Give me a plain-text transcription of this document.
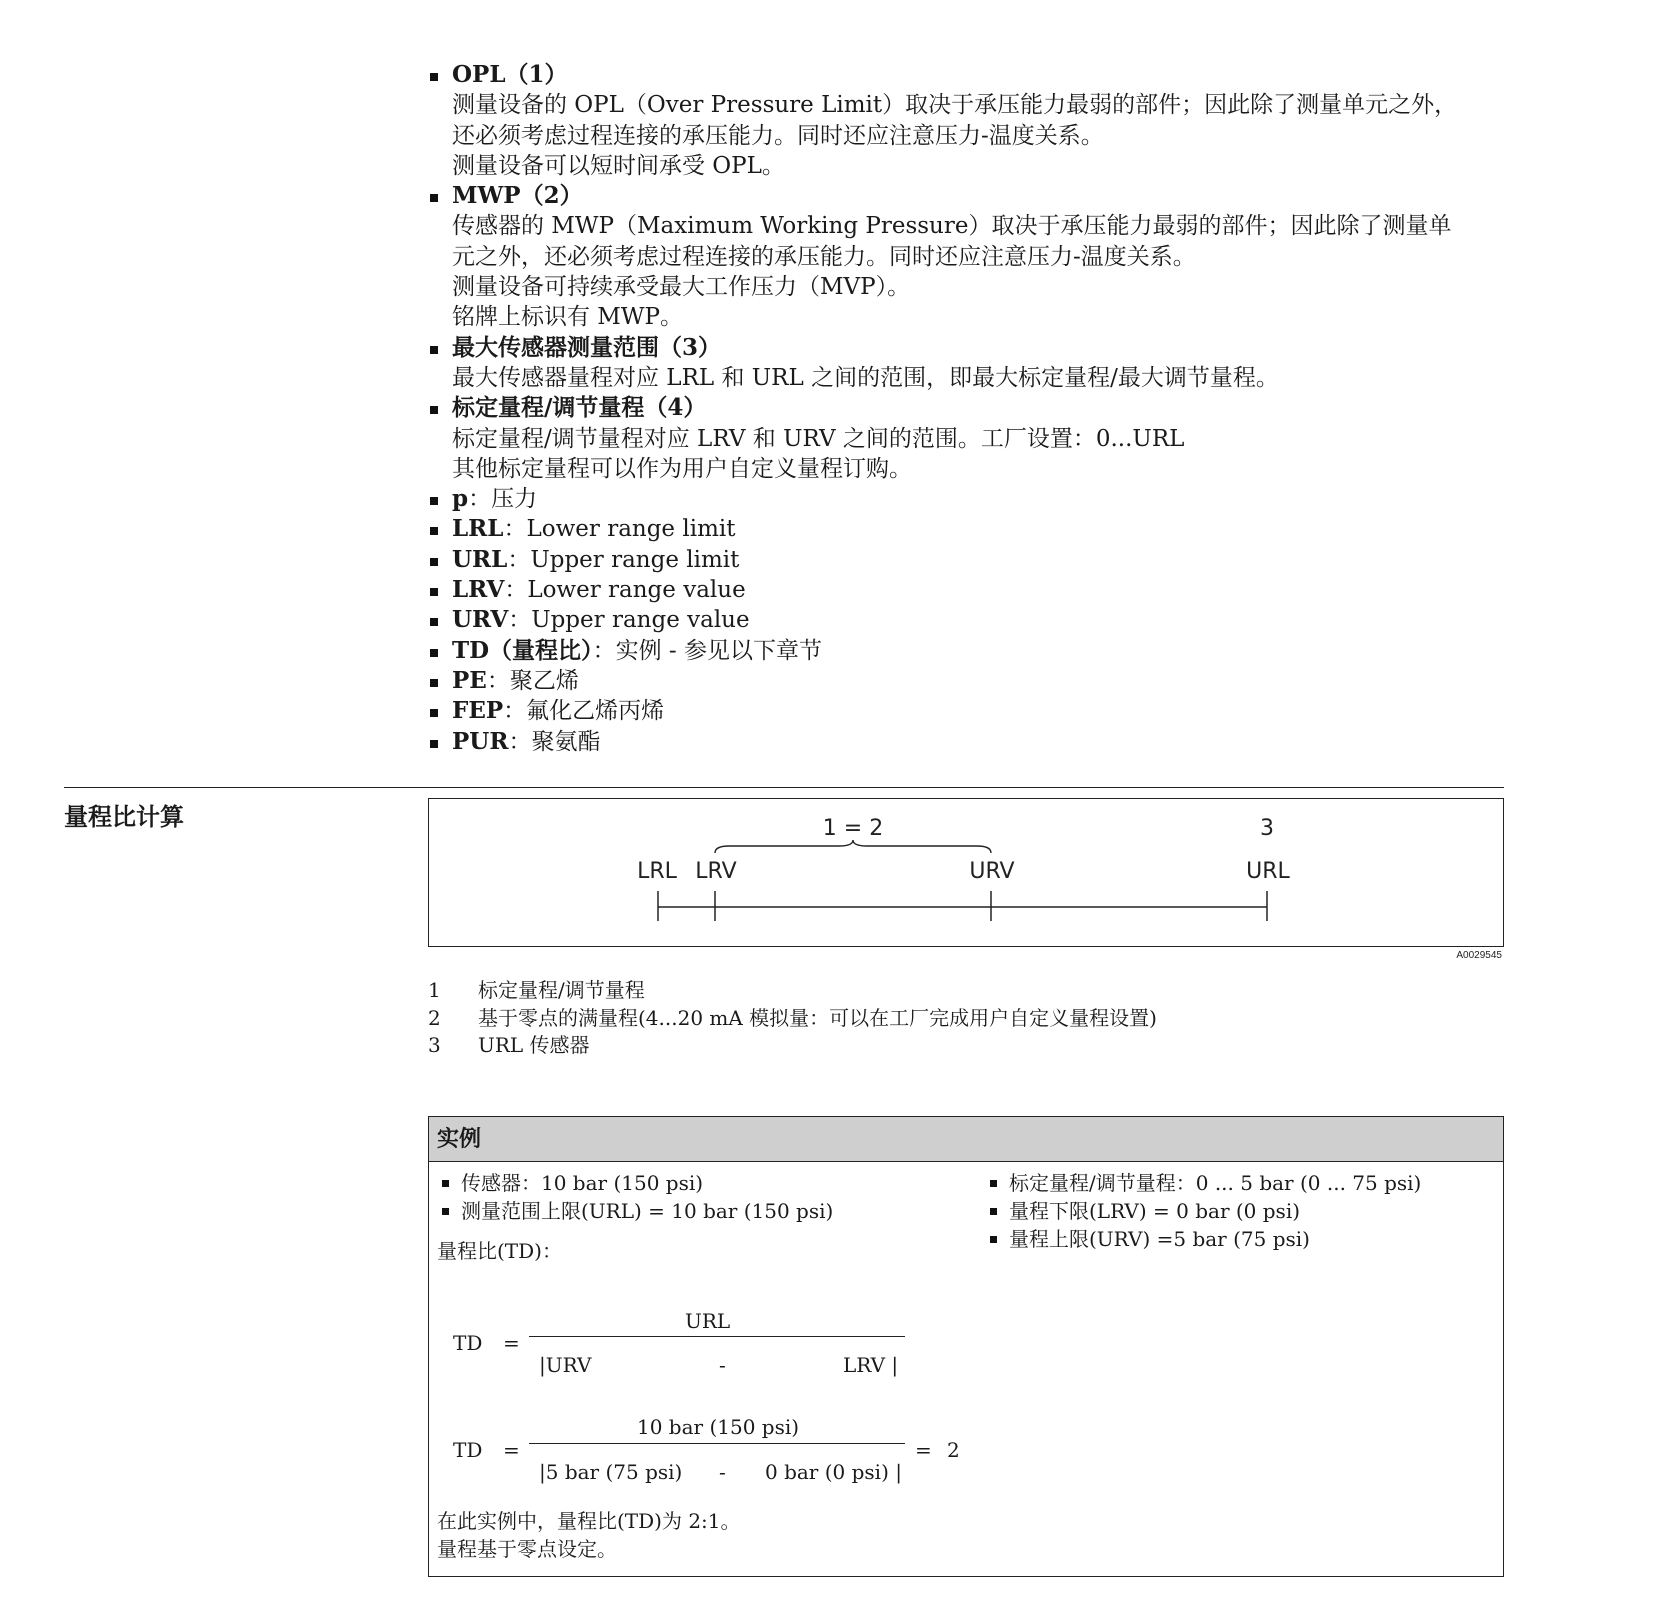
OPL（1）
测量设备的 OPL（Over Pressure Limit）取决于承压能力最弱的部件；因此除了测量单元之外，
还必须考虑过程连接的承压能力。同时还应注意压力-温度关系。
测量设备可以短时间承受 OPL。
MWP（2）
传感器的 MWP（Maximum Working Pressure）取决于承压能力最弱的部件；因此除了测量单
元之外，还必须考虑过程连接的承压能力。同时还应注意压力-温度关系。
测量设备可持续承受最大工作压力（MVP）。
铭牌上标识有 MWP。
最大传感器测量范围（3）
最大传感器量程对应 LRL 和 URL 之间的范围，即最大标定量程/最大调节量程。
标定量程/调节量程（4）
标定量程/调节量程对应 LRV 和 URV 之间的范围。工厂设置：0...URL
其他标定量程可以作为用户自定义量程订购。
p：压力
LRL：Lower range limit
URL：Upper range limit
LRV：Lower range value
URV：Upper range value
TD（量程比）：实例 - 参见以下章节
PE：聚乙烯
FEP：氟化乙烯丙烯
PUR：聚氨酯
量程比计算
LRL LRV	URV	URL
1 = 2	3
A0029545
1	标定量程/调节量程
2	基于零点的满量程(4...20 mA 模拟量：可以在工厂完成用户自定义量程设置)
3	URL 传感器
实例
传感器：10 bar (150 psi)
测量范围上限(URL) = 10 bar (150 psi)
标定量程/调节量程：0 ... 5 bar (0 ... 75 psi)
量程下限(LRV) = 0 bar (0 psi)
量程上限(URV) =5 bar (75 psi)
量程比(TD)：
TD =
URL
|URV	-	LRV |
TD =
10 bar (150 psi)
|5 bar (75 psi) - 0 bar (0 psi) |
= 2
在此实例中，量程比(TD)为 2:1。
量程基于零点设定。
